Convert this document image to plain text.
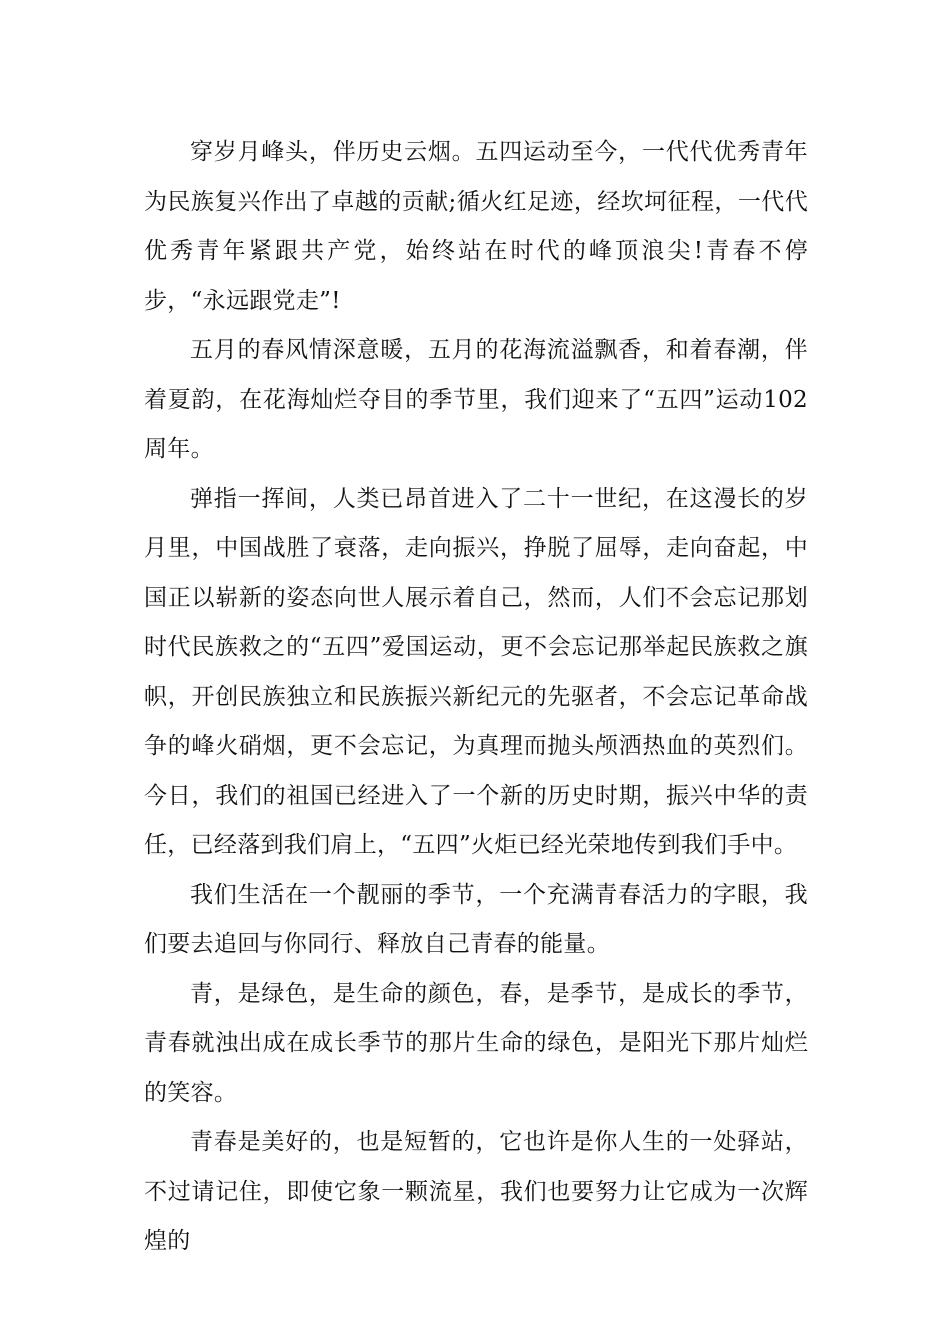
穿岁月峰头，伴历史云烟。五四运动至今，一代代优秀青年为民族复兴作出了卓越的贡献;循火红足迹，经坎坷征程，一代代优秀青年紧跟共产党，始终站在时代的峰顶浪尖!青春不停步，“永远跟党走”!

五月的春风情深意暖，五月的花海流溢飘香，和着春潮，伴着夏韵，在花海灿烂夺目的季节里，我们迎来了“五四”运动102周年。

弹指一挥间，人类已昂首进入了二十一世纪，在这漫长的岁月里，中国战胜了衰落，走向振兴，挣脱了屈辱，走向奋起，中国正以崭新的姿态向世人展示着自己，然而，人们不会忘记那划时代民族救之的“五四”爱国运动，更不会忘记那举起民族救之旗帜，开创民族独立和民族振兴新纪元的先驱者，不会忘记革命战争的峰火硝烟，更不会忘记，为真理而抛头颅洒热血的英烈们。今日，我们的祖国已经进入了一个新的历史时期，振兴中华的责任，已经落到我们肩上，“五四”火炬已经光荣地传到我们手中。

我们生活在一个靓丽的季节，一个充满青春活力的字眼，我们要去追回与你同行、释放自己青春的能量。

青，是绿色，是生命的颜色，春，是季节，是成长的季节，青春就浊出成在成长季节的那片生命的绿色，是阳光下那片灿烂的笑容。

青春是美好的，也是短暂的，它也许是你人生的一处驿站，不过请记住，即使它象一颗流星，我们也要努力让它成为一次辉煌的
